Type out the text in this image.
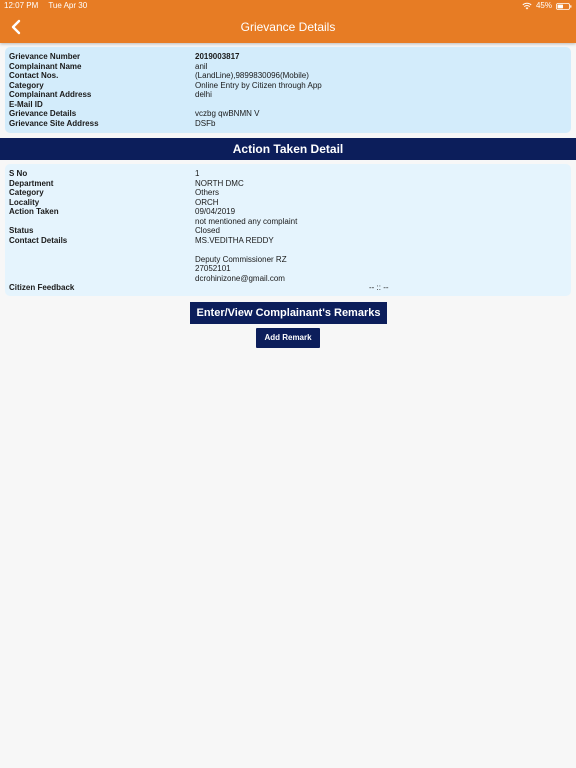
12:07 PM Tue Apr 30	45%
Grievance Details
Grievance Number	2019003817
Complainant Name	anil
Contact Nos.	(LandLine),9899830096(Mobile)
Category	Online Entry by Citizen through App
Complainant Address	delhi
E-Mail ID
Grievance Details	vczbg qwBNMN V
Grievance Site Address	DSFb
Action Taken Detail
S No	1
Department	NORTH DMC
Category	Others
Locality	ORCH
Action Taken	09/04/2019
not mentioned any complaint
Status	Closed
Contact Details	MS.VEDITHA REDDY
Deputy Commissioner RZ
27052101
dcrohinizone@gmail.com
Citizen Feedback	-- :: --
Enter/View Complainant's Remarks
Add Remark
